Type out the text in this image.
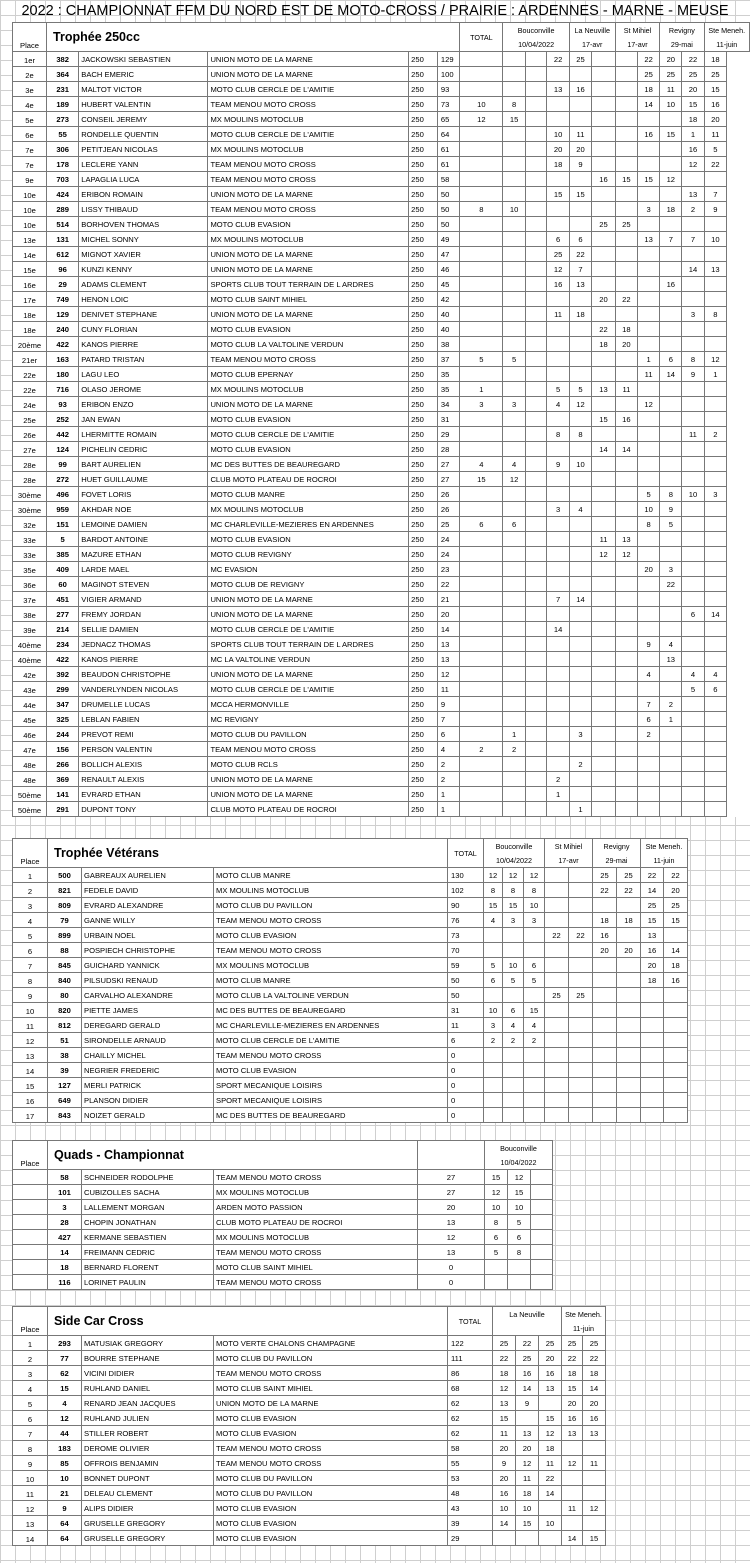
2022 : CHAMPIONNAT FFM DU NORD EST DE MOTO-CROSS / PRAIRIE : ARDENNES - MARNE - MEUSE
Place	Trophée 250cc					TOTAL	Bouconville			La Neuville		St Mihiel		Revigny		Ste Meneh.
							10/04/2022			17-avr		17-avr		29-mai		11-juin
1er	382	JACKOWSKI SEBASTIEN	UNION MOTO DE LA MARNE	250	129				22	25			22	20	22	18
2e	364	BACH EMERIC	UNION MOTO DE LA MARNE	250	100								25	25	25	25
3e	231	MALTOT VICTOR	MOTO CLUB CERCLE DE L'AMITIE	250	93				13	16			18	11	20	15
4e	189	HUBERT VALENTIN	TEAM MENOU MOTO CROSS	250	73	10	8						14	10	15	16
5e	273	CONSEIL JEREMY	MX MOULINS MOTOCLUB	250	65	12	15								18	20
6e	55	RONDELLE QUENTIN	MOTO CLUB CERCLE DE L'AMITIE	250	64				10	11			16	15	1	11
7e	306	PETITJEAN NICOLAS	MX MOULINS MOTOCLUB	250	61				20	20					16	5
7e	178	LECLERE YANN	TEAM MENOU MOTO CROSS	250	61				18	9					12	22
9e	703	LAPAGLIA LUCA	TEAM MENOU MOTO CROSS	250	58						16	15	15	12		
10e	424	ERIBON ROMAIN	UNION MOTO DE LA MARNE	250	50				15	15					13	7
10e	289	LISSY THIBAUD	TEAM MENOU MOTO CROSS	250	50	8	10						3	18	2	9
10e	514	BORHOVEN THOMAS	MOTO CLUB EVASION	250	50						25	25				
13e	131	MICHEL SONNY	MX MOULINS MOTOCLUB	250	49				6	6			13	7	7	10
14e	612	MIGNOT XAVIER	UNION MOTO DE LA MARNE	250	47				25	22						
15e	96	KUNZI KENNY	UNION MOTO DE LA MARNE	250	46				12	7					14	13
16e	29	ADAMS CLEMENT	SPORTS CLUB TOUT TERRAIN DE L ARDRES	250	45				16	13				16		
17e	749	HENON LOIC	MOTO CLUB SAINT MIHIEL	250	42						20	22				
18e	129	DENIVET STEPHANE	UNION MOTO DE LA MARNE	250	40				11	18					3	8
18e	240	CUNY FLORIAN	MOTO CLUB EVASION	250	40						22	18				
20ème	422	KANOS PIERRE	MOTO CLUB LA VALTOLINE VERDUN	250	38						18	20				
21er	163	PATARD TRISTAN	TEAM MENOU MOTO CROSS	250	37	5	5						1	6	8	12
22e	180	LAGU LEO	MOTO CLUB EPERNAY	250	35								11	14	9	1
22e	716	OLASO JEROME	MX MOULINS MOTOCLUB	250	35	1			5	5	13	11				
24e	93	ERIBON ENZO	UNION MOTO DE LA MARNE	250	34	3	3		4	12			12			
25e	252	JAN EWAN	MOTO CLUB EVASION	250	31						15	16				
26e	442	LHERMITTE ROMAIN	MOTO CLUB CERCLE DE L'AMITIE	250	29				8	8					11	2
27e	124	PICHELIN CEDRIC	MOTO CLUB EVASION	250	28						14	14				
28e	99	BART AURELIEN	MC DES BUTTES DE BEAUREGARD	250	27	4	4		9	10						
28e	272	HUET GUILLAUME	CLUB MOTO PLATEAU DE ROCROI	250	27	15	12									
30ème	496	FOVET LORIS	MOTO CLUB MANRE	250	26								5	8	10	3
30ème	959	AKHDAR NOE	MX MOULINS MOTOCLUB	250	26				3	4			10	9		
32e	151	LEMOINE DAMIEN	MC CHARLEVILLE-MEZIERES EN ARDENNES	250	25	6	6						8	5		
33e	5	BARDOT ANTOINE	MOTO CLUB EVASION	250	24						11	13				
33e	385	MAZURE ETHAN	MOTO CLUB REVIGNY	250	24						12	12				
35e	409	LARDE MAEL	MC EVASION	250	23								20	3		
36e	60	MAGINOT STEVEN	MOTO CLUB DE REVIGNY	250	22									22		
37e	451	VIGIER ARMAND	UNION MOTO DE LA MARNE	250	21				7	14						
38e	277	FREMY JORDAN	UNION MOTO DE LA MARNE	250	20										6	14
39e	214	SELLIE DAMIEN	MOTO CLUB CERCLE DE L'AMITIE	250	14				14							
40ème	234	JEDNACZ THOMAS	SPORTS CLUB TOUT TERRAIN DE L ARDRES	250	13								9	4		
40ème	422	KANOS PIERRE	MC LA VALTOLINE VERDUN	250	13									13		
42e	392	BEAUDON CHRISTOPHE	UNION MOTO DE LA MARNE	250	12								4		4	4
43e	299	VANDERLYNDEN NICOLAS	MOTO CLUB CERCLE DE L'AMITIE	250	11										5	6
44e	347	DRUMELLE LUCAS	MCCA HERMONVILLE	250	9								7	2		
45e	325	LEBLAN FABIEN	MC REVIGNY	250	7								6	1		
46e	244	PREVOT REMI	MOTO CLUB DU PAVILLON	250	6		1			3			2			
47e	156	PERSON VALENTIN	TEAM MENOU MOTO CROSS	250	4	2	2									
48e	266	BOLLICH ALEXIS	MOTO CLUB RCLS	250	2					2						
48e	369	RENAULT ALEXIS	UNION MOTO DE LA MARNE	250	2				2							
50ème	141	EVRARD ETHAN	UNION MOTO DE LA MARNE	250	1				1							
50ème	291	DUPONT TONY	CLUB MOTO PLATEAU DE ROCROI	250	1					1						
Place	Trophée Vétérans			TOTAL	Bouconville			St Mihiel		Revigny		Ste Meneh.	
					10/04/2022			17-avr		29-mai		11-juin	
1	500	GABREAUX AURELIEN	MOTO CLUB MANRE	130	12	12	12			25	25	22	22
2	821	FEDELE DAVID	MX MOULINS MOTOCLUB	102	8	8	8			22	22	14	20
3	809	EVRARD ALEXANDRE	MOTO CLUB DU PAVILLON	90	15	15	10					25	25
4	79	GANNE WILLY	TEAM MENOU MOTO CROSS	76	4	3	3			18	18	15	15
5	899	URBAIN NOEL	MOTO CLUB EVASION	73				22	22	16		13	
6	88	POSPIECH CHRISTOPHE	TEAM MENOU MOTO CROSS	70						20	20	16	14
7	845	GUICHARD YANNICK	MX MOULINS MOTOCLUB	59	5	10	6					20	18
8	840	PILSUDSKI RENAUD	MOTO CLUB MANRE	50	6	5	5					18	16
9	80	CARVALHO ALEXANDRE	MOTO CLUB LA VALTOLINE VERDUN	50				25	25				
10	820	PIETTE JAMES	MC DES BUTTES DE BEAUREGARD	31	10	6	15						
11	812	DEREGARD GERALD	MC CHARLEVILLE-MEZIERES EN ARDENNES	11	3	4	4						
12	51	SIRONDELLE ARNAUD	MOTO CLUB CERCLE DE L'AMITIE	6	2	2	2						
13	38	CHAILLY MICHEL	TEAM MENOU MOTO CROSS	0									
14	39	NEGRIER FREDERIC	MOTO CLUB EVASION	0									
15	127	MERLI PATRICK	SPORT MECANIQUE LOISIRS	0									
16	649	PLANSON DIDIER	SPORT MECANIQUE LOISIRS	0									
17	843	NOIZET GERALD	MC DES BUTTES DE BEAUREGARD	0									
Place	Quads - Championnat				Bouconville		
					10/04/2022		
	58	SCHNEIDER RODOLPHE	TEAM MENOU MOTO CROSS	27	15	12	
	101	CUBIZOLLES SACHA	MX MOULINS MOTOCLUB	27	12	15	
	3	LALLEMENT MORGAN	ARDEN MOTO PASSION	20	10	10	
	28	CHOPIN JONATHAN	CLUB MOTO PLATEAU DE ROCROI	13	8	5	
	427	KERMANE SEBASTIEN	MX MOULINS MOTOCLUB	12	6	6	
	14	FREIMANN CEDRIC	TEAM MENOU MOTO CROSS	13	5	8	
	18	BERNARD FLORENT	MOTO CLUB SAINT MIHIEL	0			
	116	LORINET PAULIN	TEAM MENOU MOTO CROSS	0			
Place	Side Car Cross			TOTAL	La Neuville			Ste Meneh.	
								11-juin	
1	293	MATUSIAK GREGORY	MOTO VERTE CHALONS CHAMPAGNE	122	25	22	25	25	25
2	77	BOURRE STEPHANE	MOTO CLUB DU PAVILLON	111	22	25	20	22	22
3	62	VICINI DIDIER	TEAM MENOU MOTO CROSS	86	18	16	16	18	18
4	15	RUHLAND DANIEL	MOTO CLUB SAINT MIHIEL	68	12	14	13	15	14
5	4	RENARD JEAN JACQUES	UNION MOTO DE LA MARNE	62	13	9		20	20
6	12	RUHLAND JULIEN	MOTO CLUB EVASION	62	15		15	16	16
7	44	STILLER ROBERT	MOTO CLUB EVASION	62	11	13	12	13	13
8	183	DEROME OLIVIER	TEAM MENOU MOTO CROSS	58	20	20	18		
9	85	OFFROIS BENJAMIN	TEAM MENOU MOTO CROSS	55	9	12	11	12	11
10	10	BONNET DUPONT	MOTO CLUB DU PAVILLON	53	20	11	22		
11	21	DELEAU CLEMENT	MOTO CLUB DU PAVILLON	48	16	18	14		
12	9	ALIPS DIDIER	MOTO CLUB EVASION	43	10	10		11	12
13	64	GRUSELLE GREGORY	MOTO CLUB EVASION	39	14	15	10		
14	64	GRUSELLE GREGORY	MOTO CLUB EVASION	29				14	15
